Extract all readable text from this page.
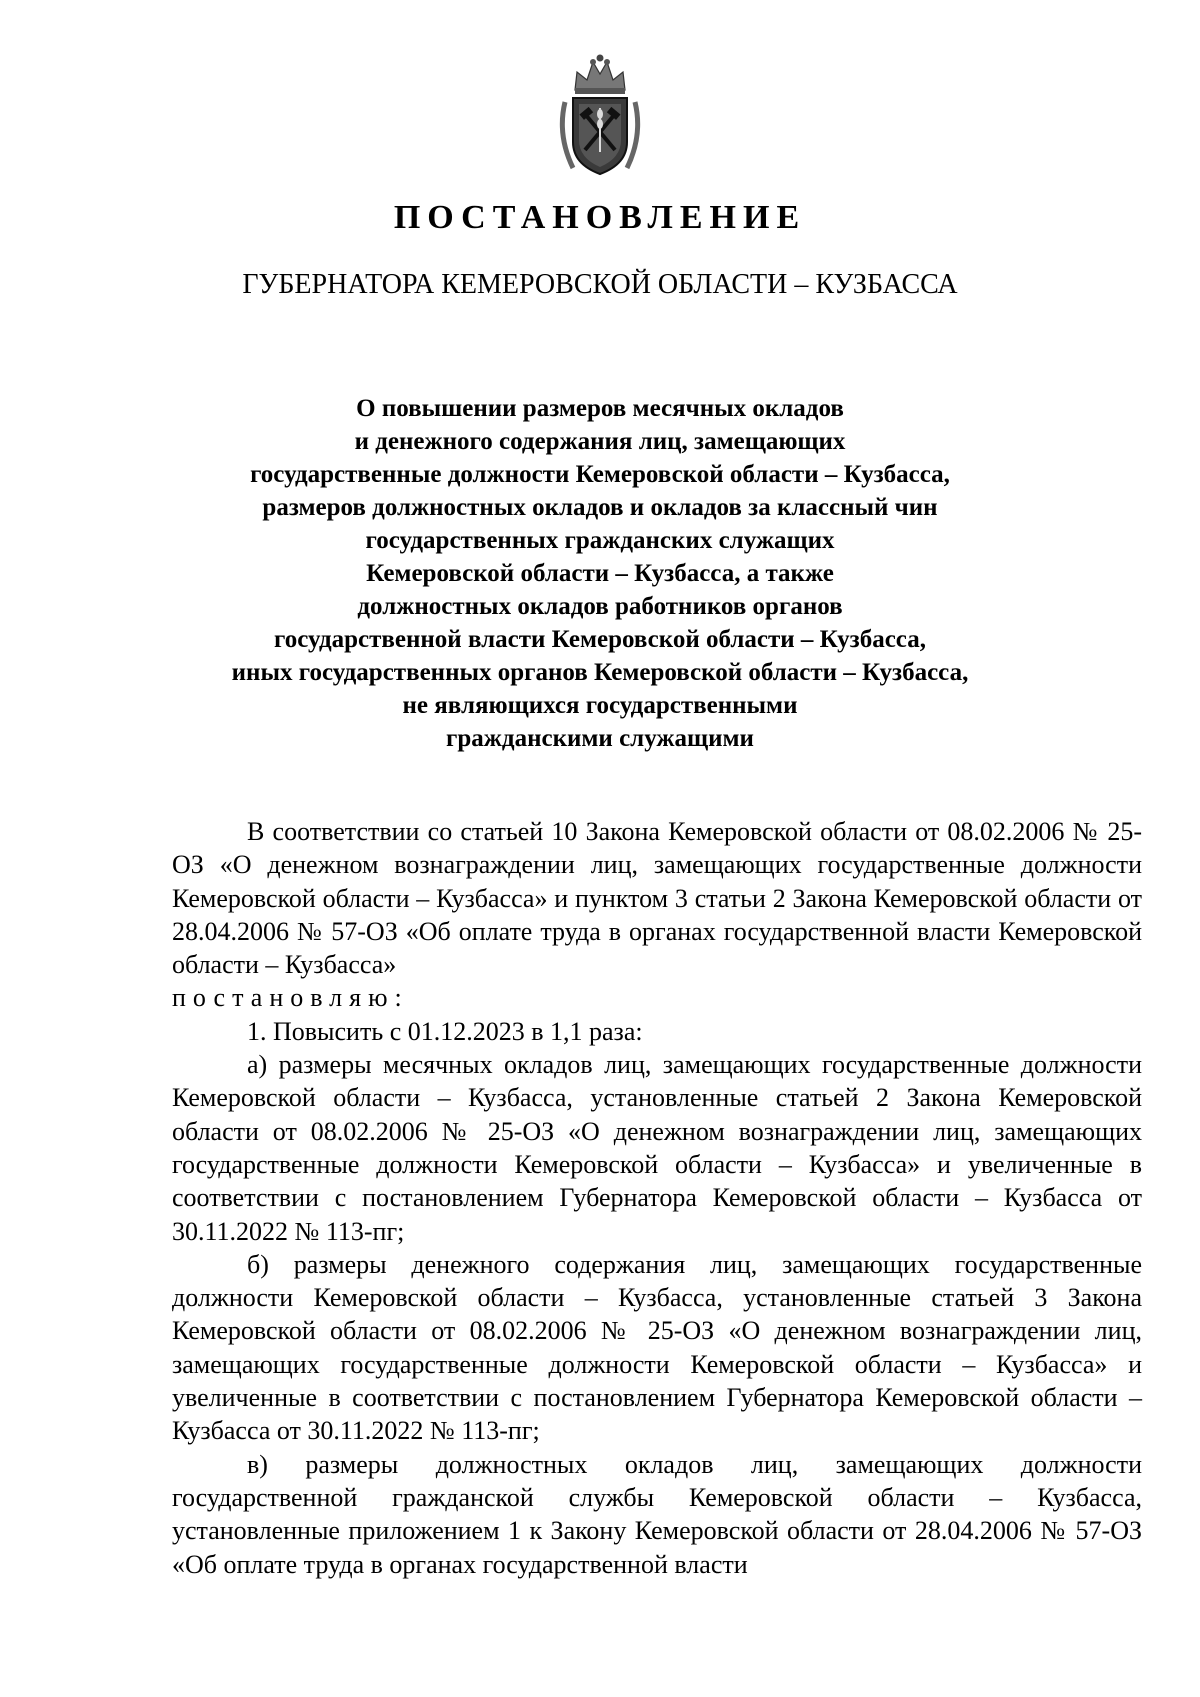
ПОСТАНОВЛЕНИЕ
ГУБЕРНАТОРА КЕМЕРОВСКОЙ ОБЛАСТИ – КУЗБАССА
О повышении размеров месячных окладов
и денежного содержания лиц, замещающих
государственные должности Кемеровской области – Кузбасса,
размеров должностных окладов и окладов за классный чин
государственных гражданских служащих
Кемеровской области – Кузбасса, а также
должностных окладов работников органов
государственной власти Кемеровской области – Кузбасса,
иных государственных органов Кемеровской области – Кузбасса,
не являющихся государственными
гражданскими служащими

В соответствии со статьей 10 Закона Кемеровской области от 08.02.2006 № 25-ОЗ «О денежном вознаграждении лиц, замещающих государственные должности Кемеровской области – Кузбасса» и пунктом 3 статьи 2 Закона Кемеровской области от 28.04.2006 № 57-ОЗ «Об оплате труда в органах государственной власти Кемеровской области – Кузбасса»

постановляю:

1. Повысить с 01.12.2023 в 1,1 раза:

а) размеры месячных окладов лиц, замещающих государственные должности Кемеровской области – Кузбасса, установленные статьей 2 Закона Кемеровской области от 08.02.2006 № 25-ОЗ «О денежном вознаграждении лиц, замещающих государственные должности Кемеровской области – Кузбасса» и увеличенные в соответствии с постановлением Губернатора Кемеровской области – Кузбасса от 30.11.2022 № 113-пг;

б) размеры денежного содержания лиц, замещающих государственные должности Кемеровской области – Кузбасса, установленные статьей 3 Закона Кемеровской области от 08.02.2006 № 25-ОЗ «О денежном вознаграждении лиц, замещающих государственные должности Кемеровской области – Кузбасса» и увеличенные в соответствии с постановлением Губернатора Кемеровской области – Кузбасса от 30.11.2022 № 113-пг;

в) размеры должностных окладов лиц, замещающих должности государственной гражданской службы Кемеровской области – Кузбасса, установленные приложением 1 к Закону Кемеровской области от 28.04.2006 № 57-ОЗ «Об оплате труда в органах государственной власти
